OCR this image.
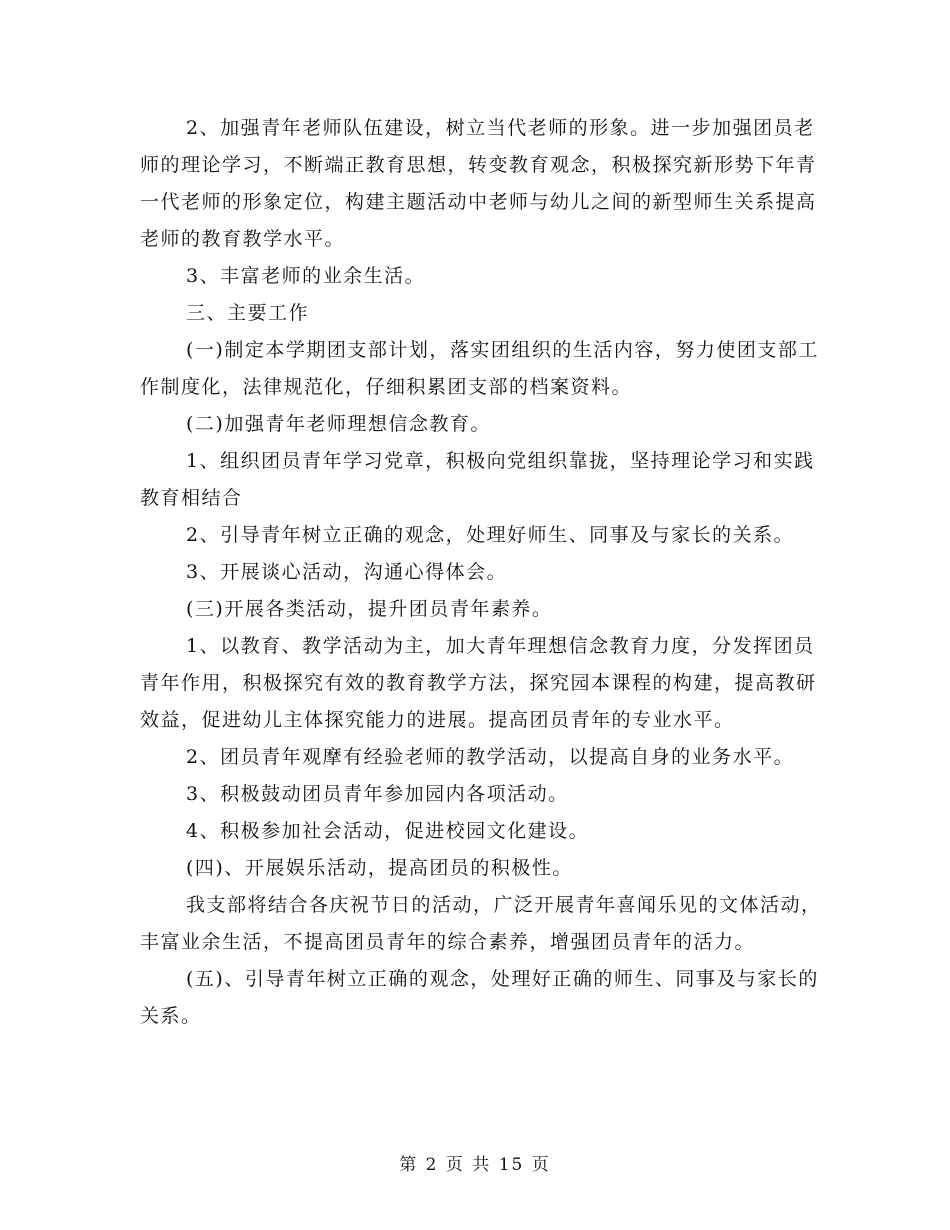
2、加强青年老师队伍建设，树立当代老师的形象。进一步加强团员老师的理论学习，不断端正教育思想，转变教育观念，积极探究新形势下年青一代老师的形象定位，构建主题活动中老师与幼儿之间的新型师生关系提高老师的教育教学水平。

3、丰富老师的业余生活。

三、主要工作

(一)制定本学期团支部计划，落实团组织的生活内容，努力使团支部工作制度化，法律规范化，仔细积累团支部的档案资料。

(二)加强青年老师理想信念教育。

1、组织团员青年学习党章，积极向党组织靠拢，坚持理论学习和实践教育相结合

2、引导青年树立正确的观念，处理好师生、同事及与家长的关系。

3、开展谈心活动，沟通心得体会。

(三)开展各类活动，提升团员青年素养。

1、以教育、教学活动为主，加大青年理想信念教育力度，分发挥团员青年作用，积极探究有效的教育教学方法，探究园本课程的构建，提高教研效益，促进幼儿主体探究能力的进展。提高团员青年的专业水平。

2、团员青年观摩有经验老师的教学活动，以提高自身的业务水平。

3、积极鼓动团员青年参加园内各项活动。

4、积极参加社会活动，促进校园文化建设。

(四)、开展娱乐活动，提高团员的积极性。

我支部将结合各庆祝节日的活动，广泛开展青年喜闻乐见的文体活动，丰富业余生活，不提高团员青年的综合素养，增强团员青年的活力。

(五)、引导青年树立正确的观念，处理好正确的师生、同事及与家长的关系。

第 2 页 共 15 页
